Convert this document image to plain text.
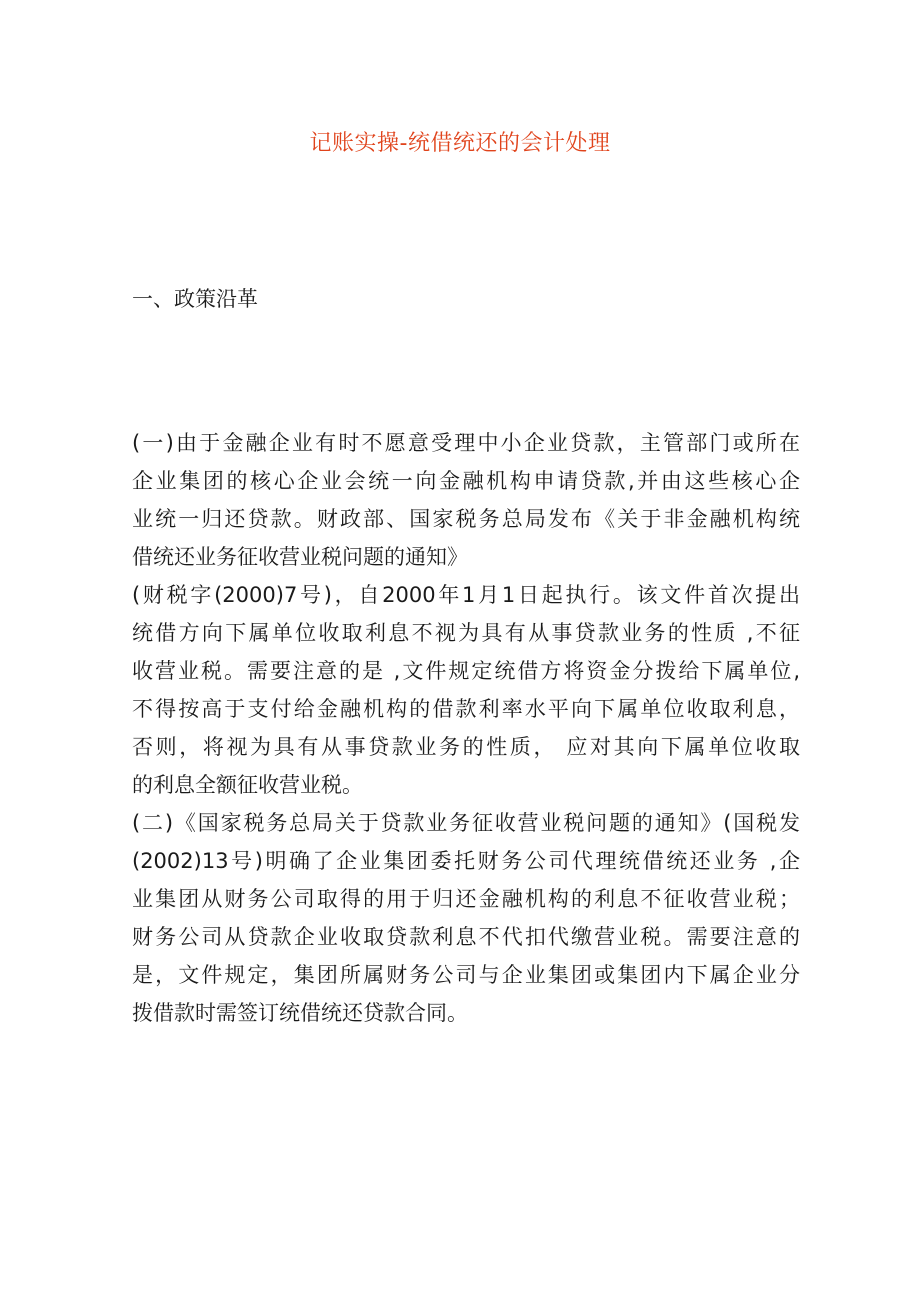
记账实操-统借统还的会计处理
一、政策沿革
(一)由于金融企业有时不愿意受理中小企业贷款，主管部门或所在
企业集团的核心企业会统一向金融机构申请贷款,并由这些核心企
业统一归还贷款。财政部、国家税务总局发布《关于非金融机构统
借统还业务征收营业税问题的通知》
(财税字(2000)7号)，自2000年1月1日起执行。该文件首次提出
统借方向下属单位收取利息不视为具有从事贷款业务的性质 ,不征
收营业税。需要注意的是 ,文件规定统借方将资金分拨给下属单位,
不得按高于支付给金融机构的借款利率水平向下属单位收取利息，
否则，将视为具有从事贷款业务的性质， 应对其向下属单位收取
的利息全额征收营业税。
(二)《国家税务总局关于贷款业务征收营业税问题的通知》(国税发
(2002)13号)明确了企业集团委托财务公司代理统借统还业务 ,企
业集团从财务公司取得的用于归还金融机构的利息不征收营业税；
财务公司从贷款企业收取贷款利息不代扣代缴营业税。需要注意的
是，文件规定，集团所属财务公司与企业集团或集团内下属企业分
拨借款时需签订统借统还贷款合同。
